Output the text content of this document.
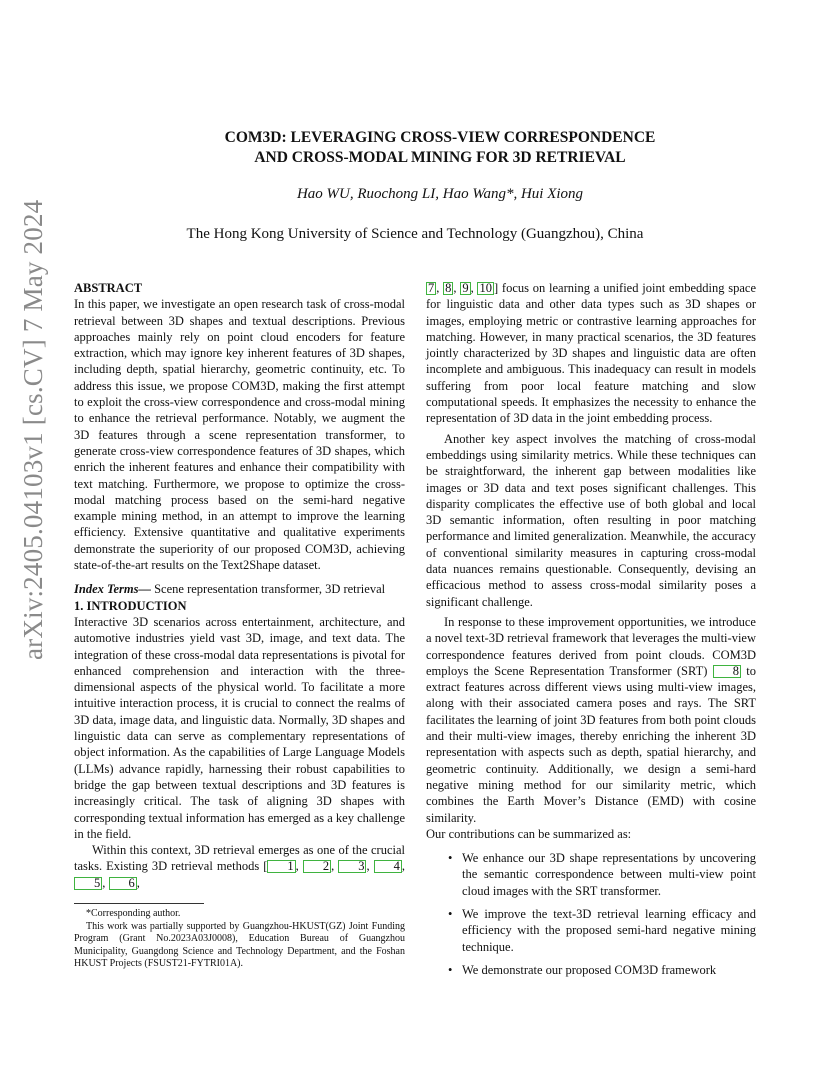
arXiv:2405.04103v1 [cs.CV] 7 May 2024
COM3D: LEVERAGING CROSS-VIEW CORRESPONDENCE
AND CROSS-MODAL MINING FOR 3D RETRIEVAL
Hao WU, Ruochong LI, Hao Wang*, Hui Xiong
The Hong Kong University of Science and Technology (Guangzhou), China

ABSTRACT

In this paper, we investigate an open research task of cross-modal retrieval between 3D shapes and textual descriptions. Previous approaches mainly rely on point cloud encoders for feature extraction, which may ignore key inherent features of 3D shapes, including depth, spatial hierarchy, geometric continuity, etc. To address this issue, we propose COM3D, making the first attempt to exploit the cross-view correspondence and cross-modal mining to enhance the retrieval performance. Notably, we augment the 3D features through a scene representation transformer, to generate cross-view correspondence features of 3D shapes, which enrich the inherent features and enhance their compatibility with text matching. Furthermore, we propose to optimize the cross-modal matching process based on the semi-hard negative example mining method, in an attempt to improve the learning efficiency. Extensive quantitative and qualitative experiments demonstrate the superiority of our proposed COM3D, achieving state-of-the-art results on the Text2Shape dataset.

Index Terms— Scene representation transformer, 3D retrieval

1. INTRODUCTION

Interactive 3D scenarios across entertainment, architecture, and automotive industries yield vast 3D, image, and text data. The integration of these cross-modal data representations is pivotal for enhanced comprehension and interaction with the three-dimensional aspects of the physical world. To facilitate a more intuitive interaction process, it is crucial to connect the realms of 3D data, image data, and linguistic data. Normally, 3D shapes and linguistic data can serve as complementary representations of object information. As the capabilities of Large Language Models (LLMs) advance rapidly, harnessing their robust capabilities to bridge the gap between textual descriptions and 3D features is increasingly critical. The task of aligning 3D shapes with corresponding textual information has emerged as a key challenge in the field.

Within this context, 3D retrieval emerges as one of the crucial tasks. Existing 3D retrieval methods [ 1 , 2 , 3 , 4 , 5 , 6 ,

*Corresponding author.

This work was partially supported by Guangzhou-HKUST(GZ) Joint Funding Program (Grant No.2023A03J0008), Education Bureau of Guangzhou Municipality, Guangdong Science and Technology Department, and the Foshan HKUST Projects (FSUST21-FYTRI01A).

7 , 8 , 9 , 10 ] focus on learning a unified joint embedding space for linguistic data and other data types such as 3D shapes or images, employing metric or contrastive learning approaches for matching. However, in many practical scenarios, the 3D features jointly characterized by 3D shapes and linguistic data are often incomplete and ambiguous. This inadequacy can result in models suffering from poor local feature matching and slow computational speeds. It emphasizes the necessity to enhance the representation of 3D data in the joint embedding process.

Another key aspect involves the matching of cross-modal embeddings using similarity metrics. While these techniques can be straightforward, the inherent gap between modalities like images or 3D data and text poses significant challenges. This disparity complicates the effective use of both global and local 3D semantic information, often resulting in poor matching performance and limited generalization. Meanwhile, the accuracy of conventional similarity measures in capturing cross-modal data nuances remains questionable. Consequently, devising an efficacious method to assess cross-modal similarity poses a significant challenge.

In response to these improvement opportunities, we introduce a novel text-3D retrieval framework that leverages the multi-view correspondence features derived from point clouds. COM3D employs the Scene Representation Transformer (SRT) 8 to extract features across different views using multi-view images, along with their associated camera poses and rays. The SRT facilitates the learning of joint 3D features from both point clouds and their multi-view images, thereby enriching the inherent 3D representation with aspects such as depth, spatial hierarchy, and geometric continuity. Additionally, we design a semi-hard negative mining method for our similarity metric, which combines the Earth Mover’s Distance (EMD) with cosine similarity.

Our contributions can be summarized as:

• We enhance our 3D shape representations by uncovering the semantic correspondence between multi-view point cloud images with the SRT transformer.
• We improve the text-3D retrieval learning efficacy and efficiency with the proposed semi-hard negative mining technique.
• We demonstrate our proposed COM3D framework
